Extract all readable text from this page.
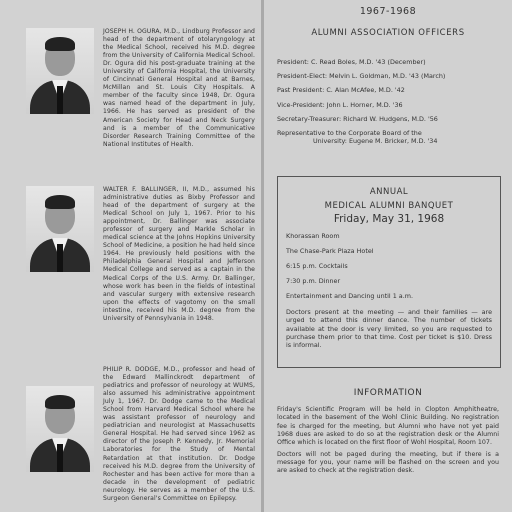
JOSEPH H. OGURA, M.D., Lindburg Professor and head of the department of otolaryngology at the Medical School, received his M.D. degree from the University of California Medical School. Dr. Ogura did his post-graduate training at the University of California Hospital, the University of Cincinnati General Hospital and at Barnes, McMillan and St. Louis City Hospitals. A member of the faculty since 1948, Dr. Ogura was named head of the department in July, 1966. He has served as president of the American Society for Head and Neck Surgery and is a member of the Communicative Disorder Research Training Committee of the National Institutes of Health.
WALTER F. BALLINGER, II, M.D., assumed his administrative duties as Bixby Professor and head of the department of surgery at the Medical School on July 1, 1967. Prior to his appointment, Dr. Ballinger was associate professor of surgery and Markle Scholar in medical science at the Johns Hopkins University School of Medicine, a position he had held since 1964. He previously held positions with the Philadelphia General Hospital and Jefferson Medical College and served as a captain in the Medical Corps of the U.S. Army. Dr. Ballinger, whose work has been in the fields of intestinal and vascular surgery with extensive research upon the effects of vagotomy on the small intestine, received his M.D. degree from the University of Pennsylvania in 1948.
PHILIP R. DODGE, M.D., professor and head of the Edward Mallinckrodt department of pediatrics and professor of neurology at WUMS, also assumed his administrative appointment July 1, 1967. Dr. Dodge came to the Medical School from Harvard Medical School where he was assistant professor of neurology and pediatrician and neurologist at Massachusetts General Hospital. He had served since 1962 as director of the Joseph P. Kennedy, Jr. Memorial Laboratories for the Study of Mental Retardation at that institution. Dr. Dodge received his M.D. degree from the University of Rochester and has been active for more than a decade in the development of pediatric neurology. He serves as a member of the U.S. Surgeon General's Committee on Epilepsy.
1967-1968
ALUMNI ASSOCIATION OFFICERS
President: C. Read Boles, M.D. '43 (December)
President-Elect: Melvin L. Goldman, M.D. '43 (March)
Past President: C. Alan McAfee, M.D. '42
Vice-President: John L. Horner, M.D. '36
Secretary-Treasurer: Richard W. Hudgens, M.D. '56
Representative to the Corporate Board of the
University: Eugene M. Bricker, M.D. '34
ANNUAL
MEDICAL ALUMNI BANQUET
Friday, May 31, 1968
Khorassan Room
The Chase-Park Plaza Hotel
6:15 p.m. Cocktails
7:30 p.m. Dinner
Entertainment and Dancing until 1 a.m.
Doctors present at the meeting — and their families — are urged to attend this dinner dance. The number of tickets available at the door is very limited, so you are requested to purchase them prior to that time. Cost per ticket is $10. Dress is informal.
INFORMATION

Friday's Scientific Program will be held in Clopton Amphitheatre, located in the basement of the Wohl Clinic Building. No registration fee is charged for the meeting, but Alumni who have not yet paid 1968 dues are asked to do so at the registration desk or the Alumni Office which is located on the first floor of Wohl Hospital, Room 107.

Doctors will not be paged during the meeting, but if there is a message for you, your name will be flashed on the screen and you are asked to check at the registration desk.
